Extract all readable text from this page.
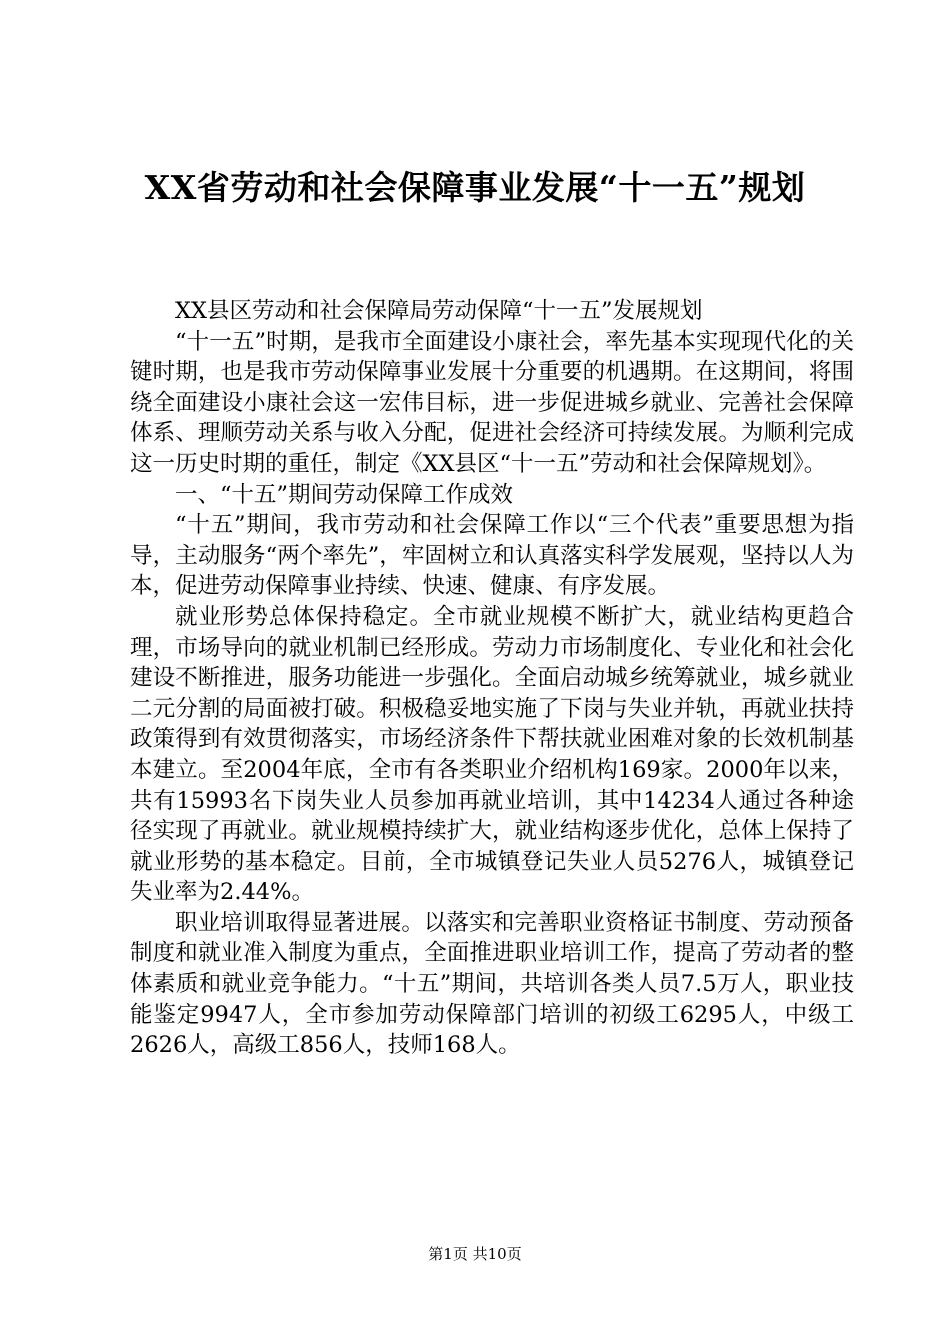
XX省劳动和社会保障事业发展“十一五”规划

XX县区劳动和社会保障局劳动保障“十一五”发展规划

“十一五”时期，是我市全面建设小康社会，率先基本实现现代化的关键时期，也是我市劳动保障事业发展十分重要的机遇期。在这期间，将围绕全面建设小康社会这一宏伟目标，进一步促进城乡就业、完善社会保障体系、理顺劳动关系与收入分配，促进社会经济可持续发展。为顺利完成这一历史时期的重任，制定《XX县区“十一五”劳动和社会保障规划》。

一、“十五”期间劳动保障工作成效

“十五”期间，我市劳动和社会保障工作以“三个代表”重要思想为指导，主动服务“两个率先”，牢固树立和认真落实科学发展观，坚持以人为本，促进劳动保障事业持续、快速、健康、有序发展。

就业形势总体保持稳定。全市就业规模不断扩大，就业结构更趋合理，市场导向的就业机制已经形成。劳动力市场制度化、专业化和社会化建设不断推进，服务功能进一步强化。全面启动城乡统筹就业，城乡就业二元分割的局面被打破。积极稳妥地实施了下岗与失业并轨，再就业扶持政策得到有效贯彻落实，市场经济条件下帮扶就业困难对象的长效机制基本建立。至2004年底，全市有各类职业介绍机构169家。2000年以来，共有15993名下岗失业人员参加再就业培训，其中14234人通过各种途径实现了再就业。就业规模持续扩大，就业结构逐步优化，总体上保持了就业形势的基本稳定。目前，全市城镇登记失业人员5276人，城镇登记失业率为2.44%。

职业培训取得显著进展。以落实和完善职业资格证书制度、劳动预备制度和就业准入制度为重点，全面推进职业培训工作，提高了劳动者的整体素质和就业竞争能力。“十五”期间，共培训各类人员7.5万人，职业技能鉴定9947人，全市参加劳动保障部门培训的初级工6295人，中级工2626人，高级工856人，技师168人。

第1页 共10页
